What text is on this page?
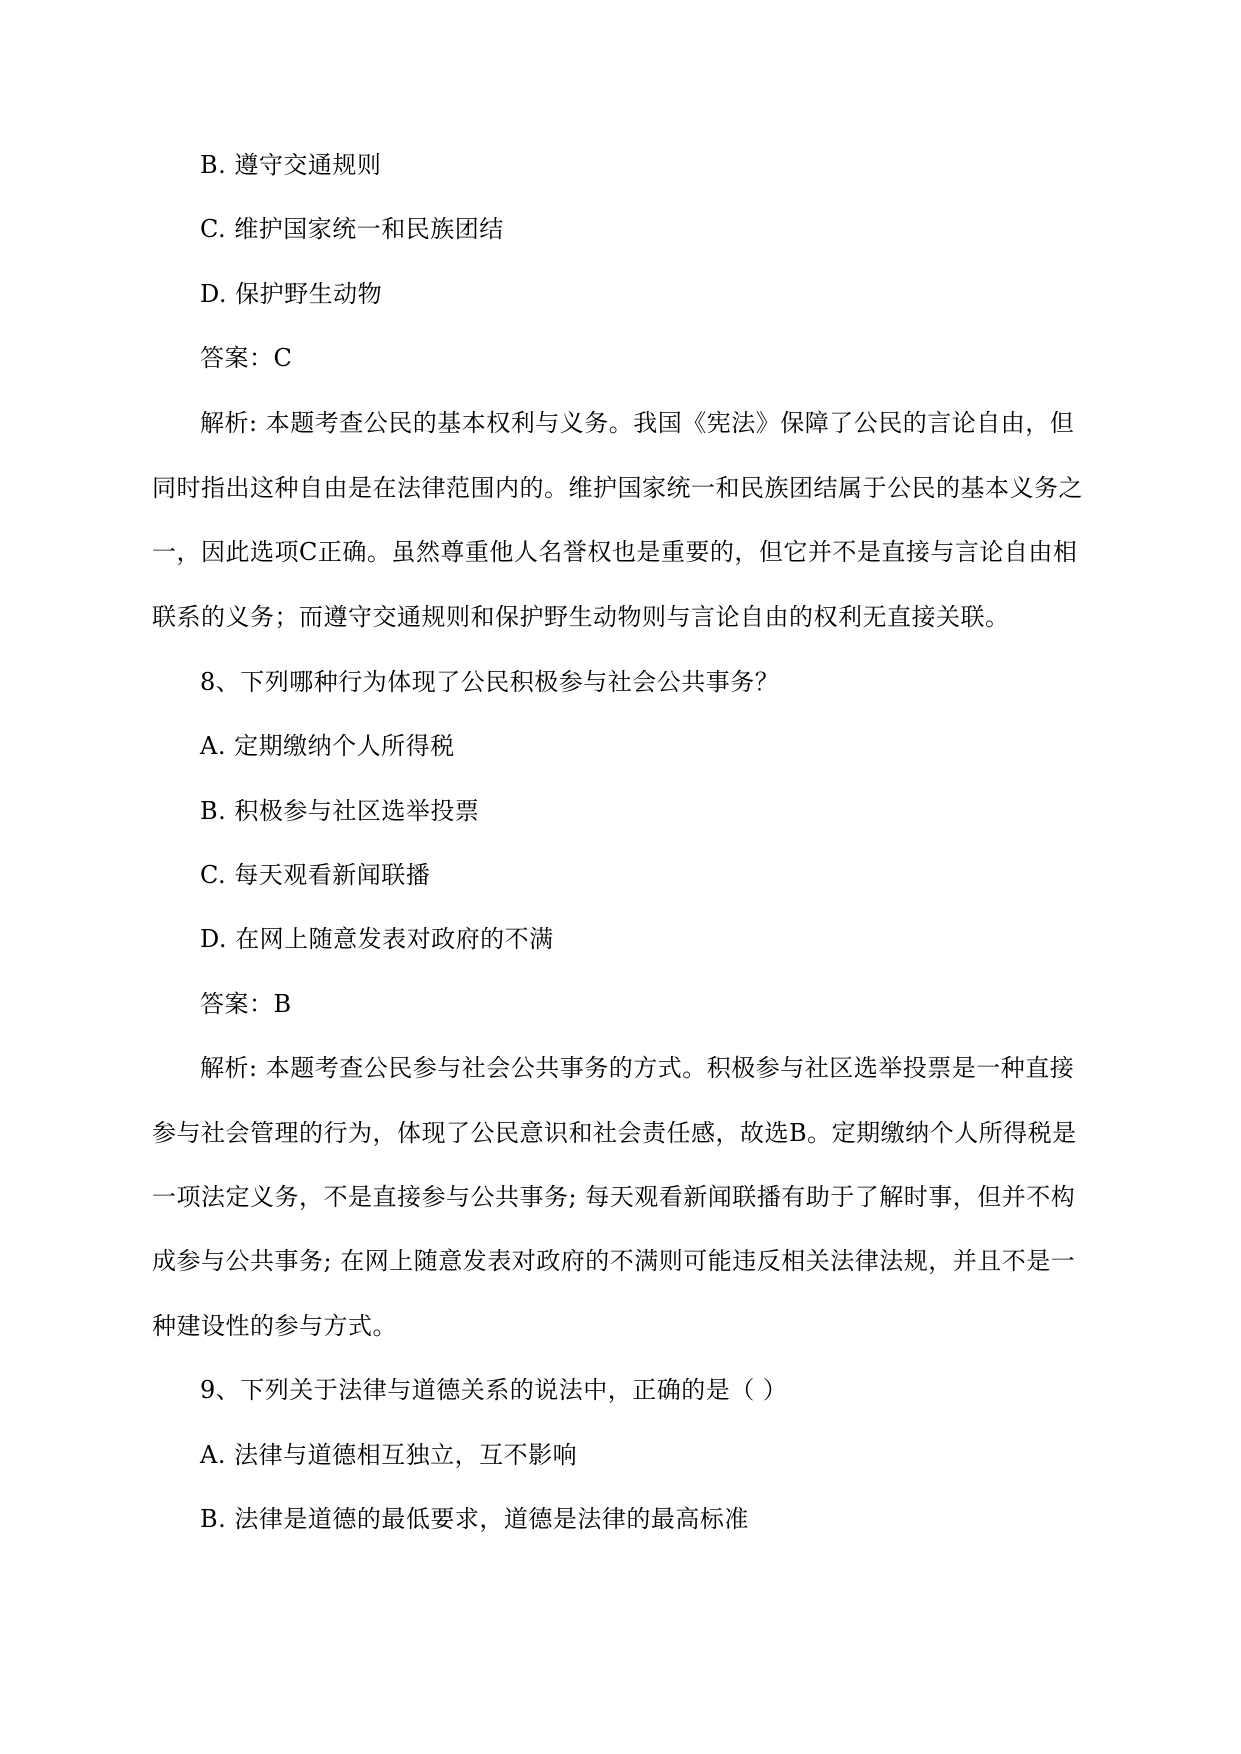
B. 遵守交通规则
C. 维护国家统一和民族团结
D. 保护野生动物
答案：C
解析: 本题考查公民的基本权利与义务。我国《宪法》保障了公民的言论自由，但
同时指出这种自由是在法律范围内的。维护国家统一和民族团结属于公民的基本义务之
一，因此选项C正确。虽然尊重他人名誉权也是重要的，但它并不是直接与言论自由相
联系的义务；而遵守交通规则和保护野生动物则与言论自由的权利无直接关联。
8、下列哪种行为体现了公民积极参与社会公共事务？
A. 定期缴纳个人所得税
B. 积极参与社区选举投票
C. 每天观看新闻联播
D. 在网上随意发表对政府的不满
答案：B
解析: 本题考查公民参与社会公共事务的方式。积极参与社区选举投票是一种直接
参与社会管理的行为，体现了公民意识和社会责任感，故选B。定期缴纳个人所得税是
一项法定义务，不是直接参与公共事务; 每天观看新闻联播有助于了解时事，但并不构
成参与公共事务; 在网上随意发表对政府的不满则可能违反相关法律法规，并且不是一
种建设性的参与方式。
9、下列关于法律与道德关系的说法中，正确的是（ ）
A. 法律与道德相互独立，互不影响
B. 法律是道德的最低要求，道德是法律的最高标准
